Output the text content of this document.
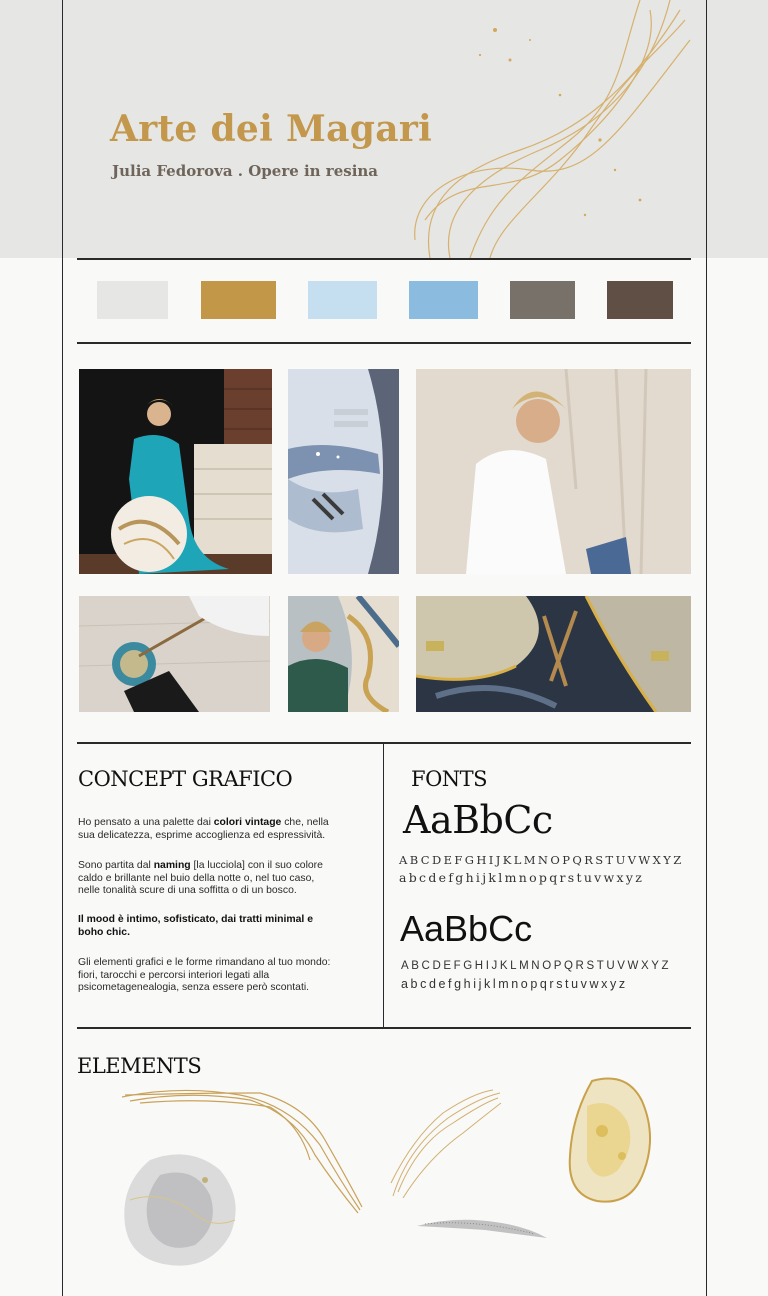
Arte dei Magari
Julia Fedorova . Opere in resina
CONCEPT GRAFICO

Ho pensato a una palette dai colori vintage che, nella sua delicatezza, esprime accoglienza ed espressività.

Sono partita dal naming [la lucciola] con il suo colore caldo e brillante nel buio della notte o, nel tuo caso, nelle tonalità scure di una soffitta o di un bosco.

Il mood è intimo, sofisticato, dai tratti minimal e boho chic.

Gli elementi grafici e le forme rimandano al tuo mondo: fiori, tarocchi e percorsi interiori legati alla psicometagenealogia, senza essere però scontati.

FONTS
AaBbCc
ABCDEFGHIJKLMNOPQRSTUVWXYZ
abcdefghijklmnopqrstuvwxyz
AaBbCc
ABCDEFGHIJKLMNOPQRSTUVWXYZ
abcdefghijklmnopqrstuvwxyz
ELEMENTS
